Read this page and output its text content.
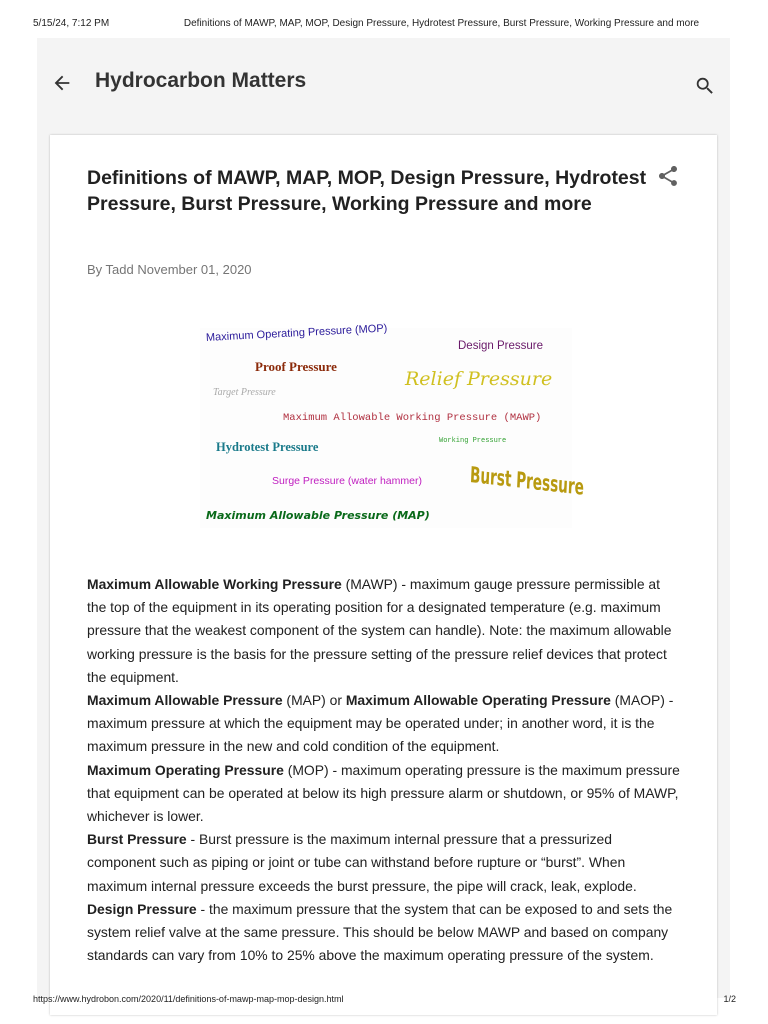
5/15/24, 7:12 PM	Definitions of MAWP, MAP, MOP, Design Pressure, Hydrotest Pressure, Burst Pressure, Working Pressure and more
Hydrocarbon Matters
Definitions of MAWP, MAP, MOP, Design Pressure, Hydrotest Pressure, Burst Pressure, Working Pressure and more
By Tadd November 01, 2020
Maximum Operating Pressure (MOP)
Design Pressure
Proof Pressure
Relief Pressure
Target Pressure
Maximum Allowable Working Pressure (MAWP)
Hydrotest Pressure	Working Pressure
Surge Pressure (water hammer) Burst Pressure
Maximum Allowable Pressure (MAP)

Maximum Allowable Working Pressure (MAWP) - maximum gauge pressure permissible at the top of the equipment in its operating position for a designated temperature (e.g. maximum pressure that the weakest component of the system can handle). Note: the maximum allowable working pressure is the basis for the pressure setting of the pressure relief devices that protect the equipment.

Maximum Allowable Pressure (MAP) or Maximum Allowable Operating Pressure (MAOP) - maximum pressure at which the equipment may be operated under; in another word, it is the maximum pressure in the new and cold condition of the equipment.

Maximum Operating Pressure (MOP) - maximum operating pressure is the maximum pressure that equipment can be operated at below its high pressure alarm or shutdown, or 95% of MAWP, whichever is lower.

Burst Pressure - Burst pressure is the maximum internal pressure that a pressurized component such as piping or joint or tube can withstand before rupture or “burst”. When maximum internal pressure exceeds the burst pressure, the pipe will crack, leak, explode.

Design Pressure - the maximum pressure that the system that can be exposed to and sets the system relief valve at the same pressure. This should be below MAWP and based on company standards can vary from 10% to 25% above the maximum operating pressure of the system.

https://www.hydrobon.com/2020/11/definitions-of-mawp-map-mop-design.html	1/2
